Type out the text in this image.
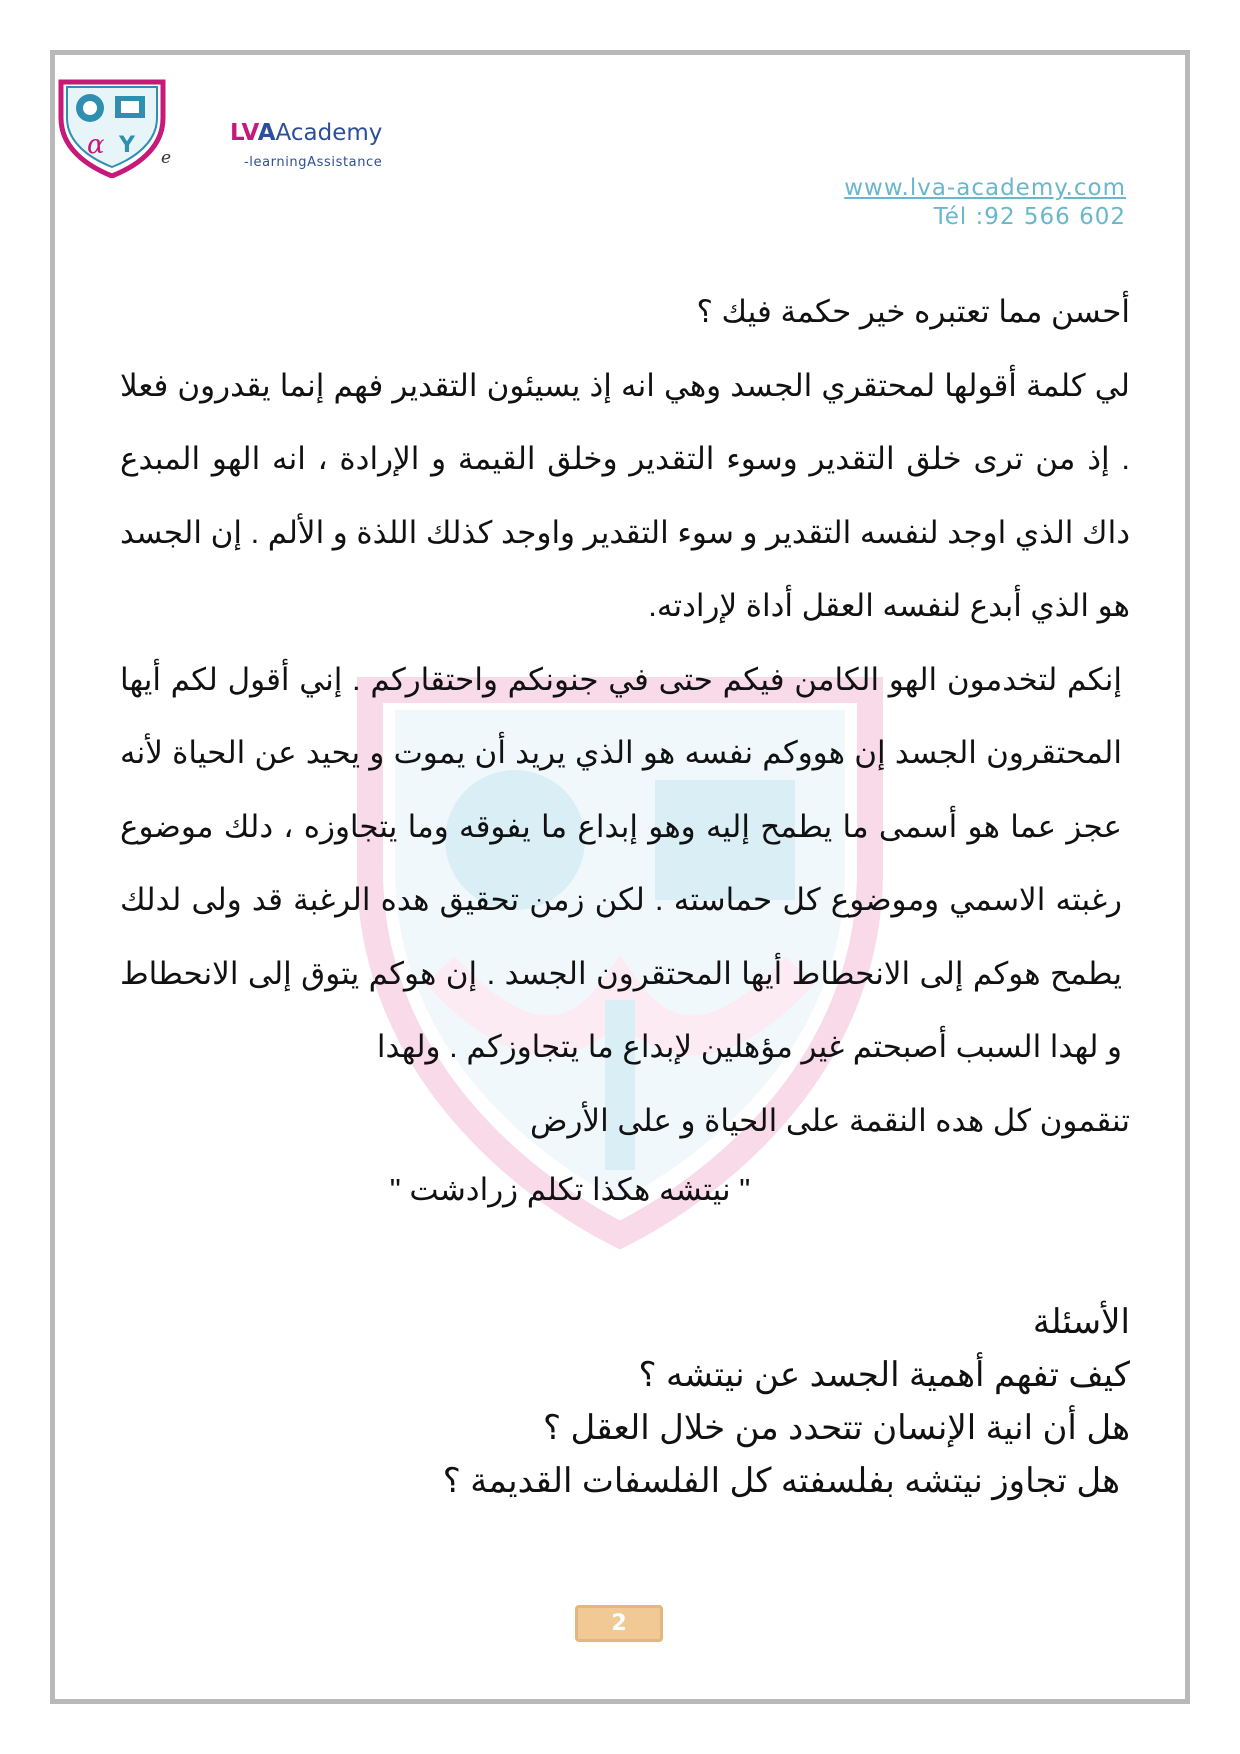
α Y e
LVAAcademy
-learningAssistance
www.lva-academy.com
Tél :92 566 602

أحسن مما تعتبره خير حكمة فيك ؟

لي كلمة أقولها لمحتقري الجسد وهي انه إذ يسيئون التقدير فهم إنما يقدرون فعلا . إذ من ترى خلق التقدير وسوء التقدير وخلق القيمة و الإرادة ، انه الهو المبدع داك الذي اوجد لنفسه التقدير و سوء التقدير واوجد كذلك اللذة و الألم . إن الجسد

هو الذي أبدع لنفسه العقل أداة لإرادته.

إنكم لتخدمون الهو الكامن فيكم حتى في جنونكم واحتقاركم . إني أقول لكم أيها المحتقرون الجسد إن هووكم نفسه هو الذي يريد أن يموت و يحيد عن الحياة لأنه عجز عما هو أسمى ما يطمح إليه وهو إبداع ما يفوقه وما يتجاوزه ، دلك موضوع رغبته الاسمي وموضوع كل حماسته . لكن زمن تحقيق هده الرغبة قد ولى لدلك يطمح هوكم إلى الانحطاط أيها المحتقرون الجسد . إن هوكم يتوق إلى الانحطاط و لهدا السبب أصبحتم غير مؤهلين لإبداع ما يتجاوزكم . ولهدا

تنقمون كل هده النقمة على الحياة و على الأرض

" نيتشه هكذا تكلم زرادشت "
الأسئلة
كيف تفهم أهمية الجسد عن نيتشه ؟
هل أن انية الإنسان تتحدد من خلال العقل ؟
هل تجاوز نيتشه بفلسفته كل الفلسفات القديمة ؟
2
